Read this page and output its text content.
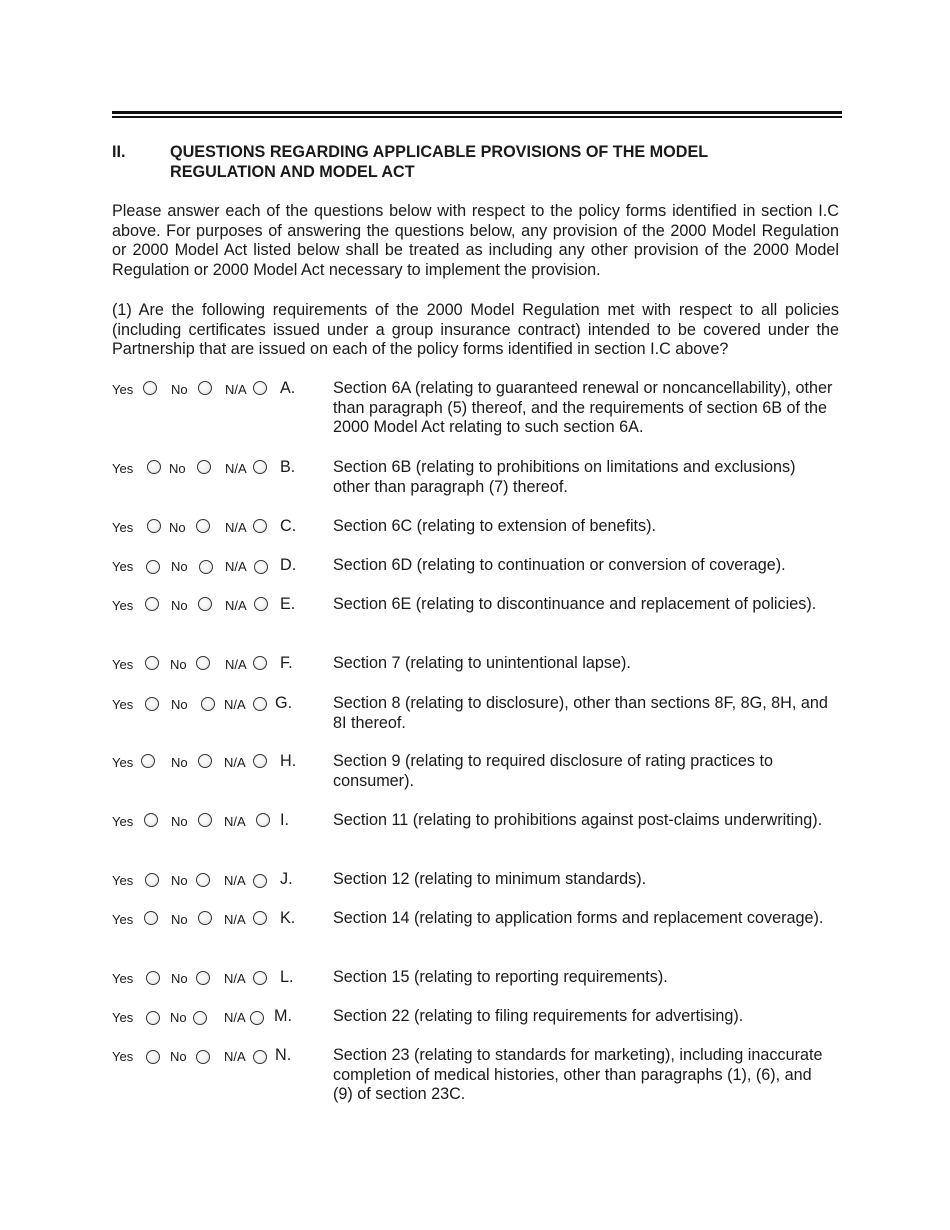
II.	QUESTIONS REGARDING APPLICABLE PROVISIONS OF THE MODEL REGULATION AND MODEL ACT
Please answer each of the questions below with respect to the policy forms identified in section I.C above. For purposes of answering the questions below, any provision of the 2000 Model Regulation or 2000 Model Act listed below shall be treated as including any other provision of the 2000 Model Regulation or 2000 Model Act necessary to implement the provision.
(1) Are the following requirements of the 2000 Model Regulation met with respect to all policies (including certificates issued under a group insurance contract) intended to be covered under the Partnership that are issued on each of the policy forms identified in section I.C above?
Yes	No	N/A A. Section 6A (relating to guaranteed renewal or noncancellability), other than paragraph (5) thereof, and the requirements of section 6B of the 2000 Model Act relating to such section 6A.
Yes	No	N/A B. Section 6B (relating to prohibitions on limitations and exclusions) other than paragraph (7) thereof.
Yes	No	N/A C. Section 6C (relating to extension of benefits).
Yes	No	N/A D. Section 6D (relating to continuation or conversion of coverage).
Yes	No	N/A E. Section 6E (relating to discontinuance and replacement of policies).
Yes	No	N/A F. Section 7 (relating to unintentional lapse).
Yes	No	N/A G.	Section 8 (relating to disclosure), other than sections 8F, 8G, 8H, and 8I thereof.
Yes	No	N/A H. Section 9 (relating to required disclosure of rating practices to consumer).
Yes	No	N/A I.	Section 11 (relating to prohibitions against post-claims underwriting).
Yes	No	N/A J. Section 12 (relating to minimum standards).
Yes	No	N/A K. Section 14 (relating to application forms and replacement coverage).
Yes	No	N/A L. Section 15 (relating to reporting requirements).
Yes	No	N/A M.	Section 22 (relating to filing requirements for advertising).
Yes	No	N/A N.	Section 23 (relating to standards for marketing), including inaccurate completion of medical histories, other than paragraphs (1), (6), and (9) of section 23C.
